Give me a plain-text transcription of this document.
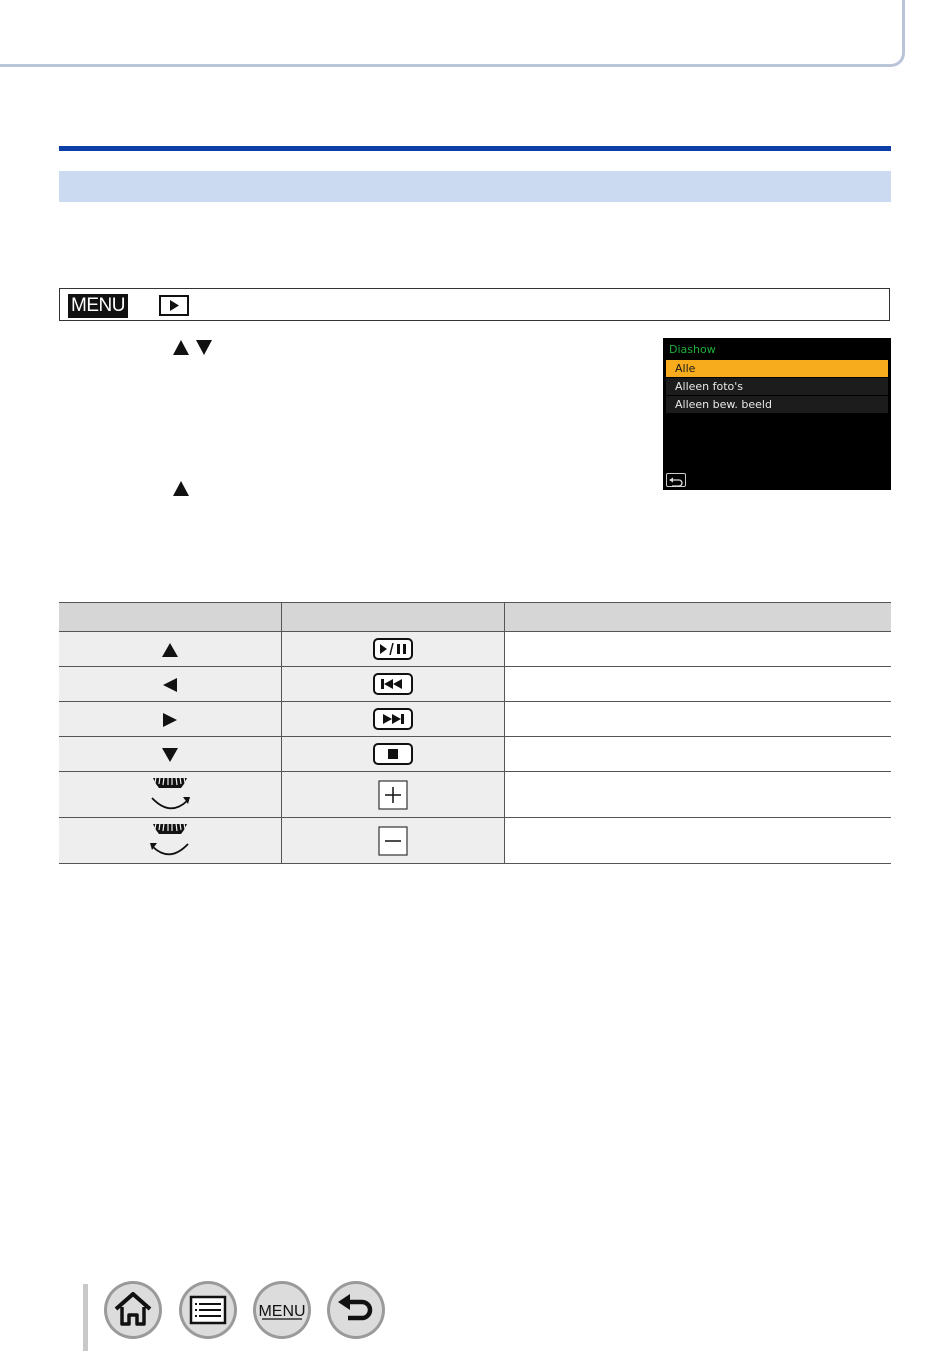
MENU
Diashow
Alle
Alleen foto's
Alleen bew. beeld

MENU
